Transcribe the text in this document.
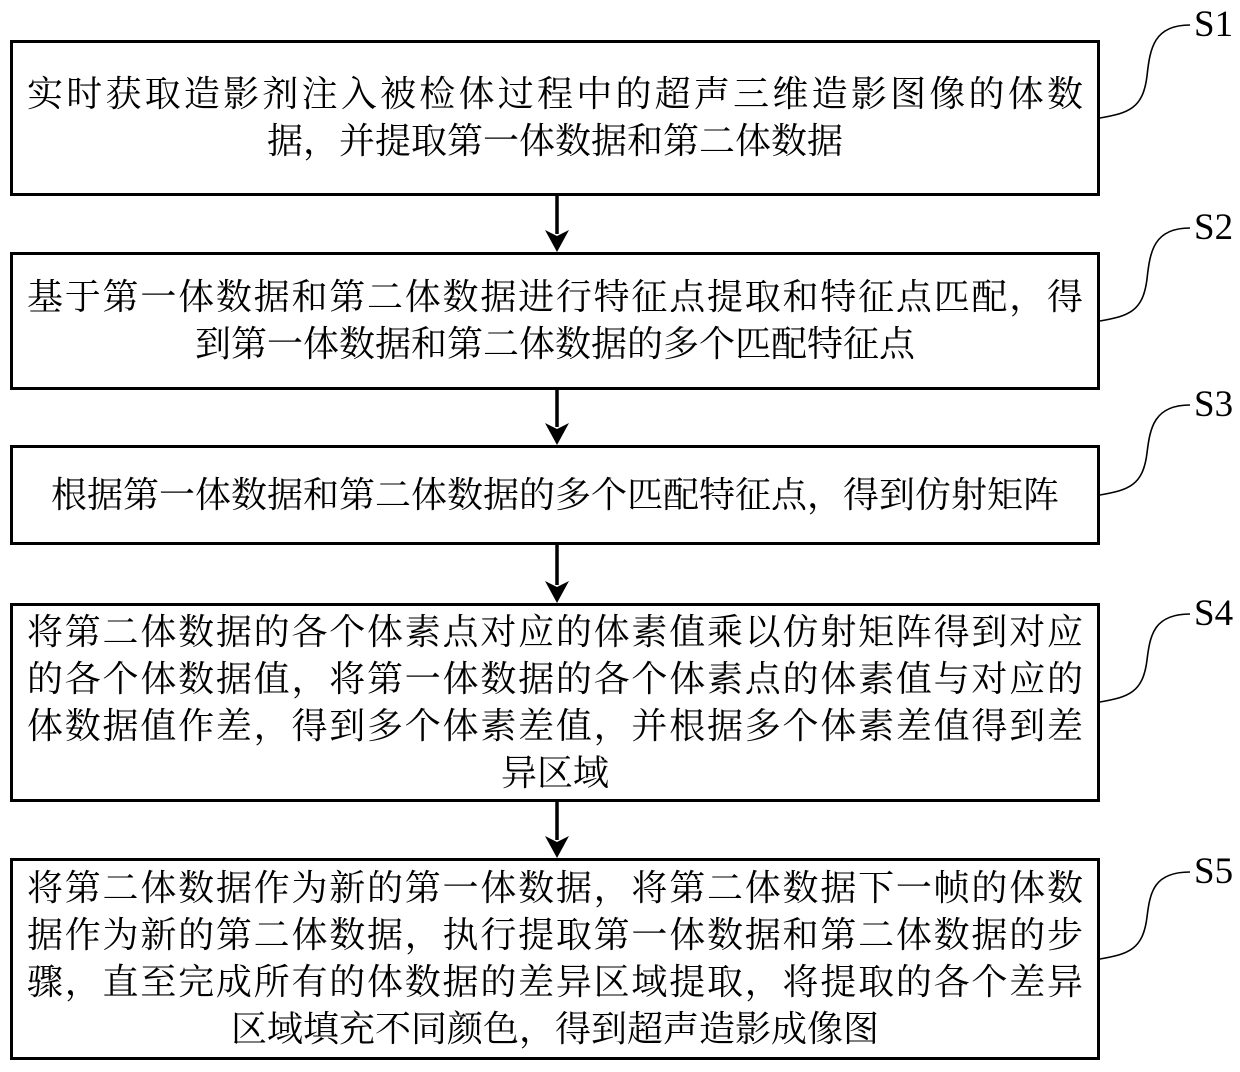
实时获取造影剂注入被检体过程中的超声三维造影图像的体数
据，并提取第一体数据和第二体数据
S1
基于第一体数据和第二体数据进行特征点提取和特征点匹配，得
到第一体数据和第二体数据的多个匹配特征点
S2
根据第一体数据和第二体数据的多个匹配特征点，得到仿射矩阵
S3
将第二体数据的各个体素点对应的体素值乘以仿射矩阵得到对应
的各个体数据值，将第一体数据的各个体素点的体素值与对应的
体数据值作差，得到多个体素差值，并根据多个体素差值得到差
异区域
S4
将第二体数据作为新的第一体数据，将第二体数据下一帧的体数
据作为新的第二体数据，执行提取第一体数据和第二体数据的步
骤，直至完成所有的体数据的差异区域提取，将提取的各个差异
区域填充不同颜色，得到超声造影成像图
S5
